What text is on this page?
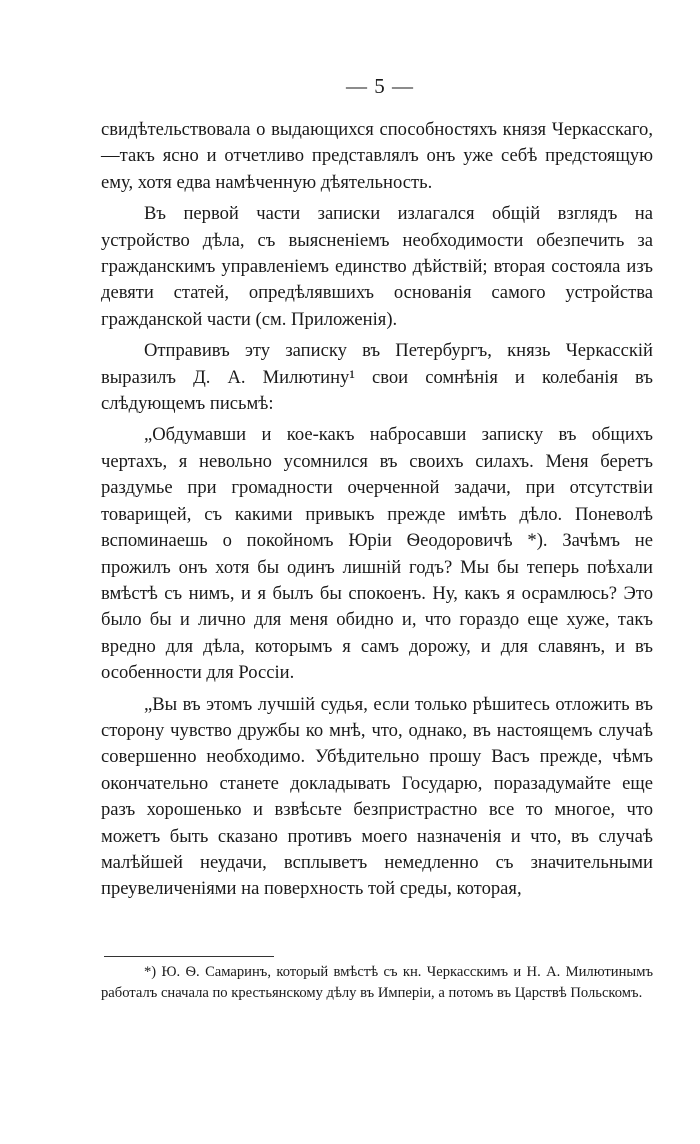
— 5 —

свидѣтельствовала о выдающихся способностяхъ князя Черкасскаго,—такъ ясно и отчетливо представлялъ онъ уже себѣ предстоящую ему, хотя едва намѣченную дѣятельность.

Въ первой части записки излагался общій взглядъ на устройство дѣла, съ выясненіемъ необходимости обезпечить за гражданскимъ управленіемъ единство дѣйствій; вторая состояла изъ девяти статей, опредѣлявшихъ основанія самого устройства гражданской части (см. Приложенія).

Отправивъ эту записку въ Петербургъ, князь Черкасскій выразилъ Д. А. Милютину¹ свои сомнѣнія и колебанія въ слѣдующемъ письмѣ:

„Обдумавши и кое-какъ набросавши записку въ общихъ чертахъ, я невольно усомнился въ своихъ силахъ. Меня беретъ раздумье при громадности очерченной задачи, при отсутствіи товарищей, съ какими привыкъ прежде имѣть дѣло. Поневолѣ вспоминаешь о покойномъ Юріи Ѳеодоровичѣ *). Зачѣмъ не прожилъ онъ хотя бы одинъ лишній годъ? Мы бы теперь поѣхали вмѣстѣ съ нимъ, и я былъ бы спокоенъ. Ну, какъ я осрамлюсь? Это было бы и лично для меня обидно и, что гораздо еще хуже, такъ вредно для дѣла, которымъ я самъ дорожу, и для славянъ, и въ особенности для Россіи.

„Вы въ этомъ лучшій судья, если только рѣшитесь отложить въ сторону чувство дружбы ко мнѣ, что, однако, въ настоящемъ случаѣ совершенно необходимо. Убѣдительно прошу Васъ прежде, чѣмъ окончательно станете докладывать Государю, поразадумайте еще разъ хорошенько и взвѣсьте безпристрастно все то многое, что можетъ быть сказано противъ моего назначенія и что, въ случаѣ малѣйшей неудачи, всплыветъ немедленно съ значительными преувеличеніями на поверхность той среды, которая,

*) Ю. Ѳ. Самаринъ, который вмѣстѣ съ кн. Черкасскимъ и Н. А. Милютинымъ работалъ сначала по крестьянскому дѣлу въ Имперіи, а потомъ въ Царствѣ Польскомъ.
